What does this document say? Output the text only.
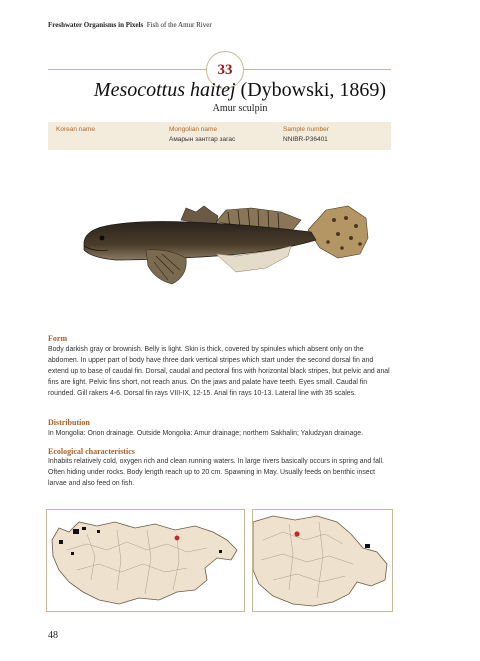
Freshwater Organisms in Pixels Fish of the Amur River
33
Mesocottus haitej (Dybowski, 1869)
Amur sculpin
Korean name	Mongolian name
Амарын зантгар загас
Sample number
NNIBR-P36401
Form
Body darkish gray or brownish. Belly is light. Skin is thick, covered by spinules which absent only on the abdomen. In upper part of body have three dark vertical stripes which start under the second dorsal fin and extend up to base of caudal fin. Dorsal, caudal and pectoral fins with horizontal black stripes, but pelvic and anal fins are light. Pelvic fins short, not reach anus. On the jaws and palate have teeth. Eyes small. Caudal fin rounded. Gill rakers 4-6. Dorsal fin rays VIII-IX, 12-15. Anal fin rays 10-13. Lateral line with 35 scales.
Distribution
In Mongolia: Onon drainage. Outside Mongolia: Amur drainage; northern Sakhalin; Yaludzyan drainage.
Ecological characteristics
Inhabits relatively cold, oxygen rich and clean running waters. In large rivers basically occurs in spring and fall. Often hiding under rocks. Body length reach up to 20 cm. Spawning in May. Usually feeds on benthic insect larvae and also feed on fish.
48
